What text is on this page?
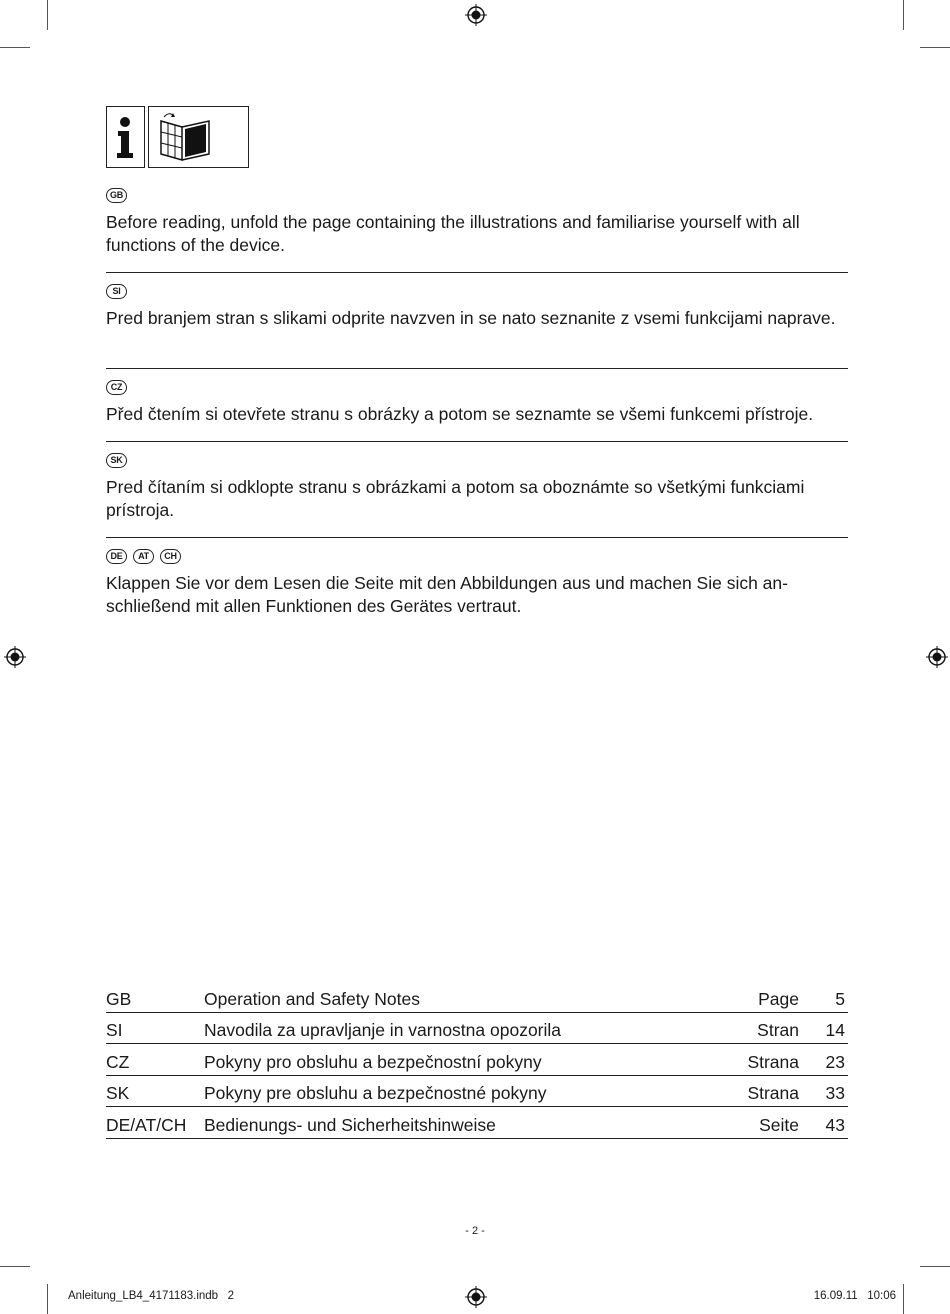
GB

Before reading, unfold the page containing the illustrations and familiarise yourself with all functions of the device.

SI

Pred branjem stran s slikami odprite navzven in se nato seznanite z vsemi funkcijami naprave.

CZ

Před čtením si otevřete stranu s obrázky a potom se seznamte se všemi funkcemi přístroje.

SK

Pred čítaním si odklopte stranu s obrázkami a potom sa oboznámte so všetkými funkciami prístroja.

DE	AT	CH

Klappen Sie vor dem Lesen die Seite mit den Abbildungen aus und machen Sie sich an-schließend mit allen Funktionen des Gerätes vertraut.

GB	Operation and Safety Notes	Page	5
SI	Navodila za upravljanje in varnostna opozorila	Stran	14
CZ	Pokyny pro obsluhu a bezpečnostní pokyny	Strana	23
SK	Pokyny pre obsluhu a bezpečnostné pokyny	Strana	33
DE/AT/CH	Bedienungs- und Sicherheitshinweise	Seite	43
- 2 -
Anleitung_LB4_4171183.indb   2	16.09.11   10:06
